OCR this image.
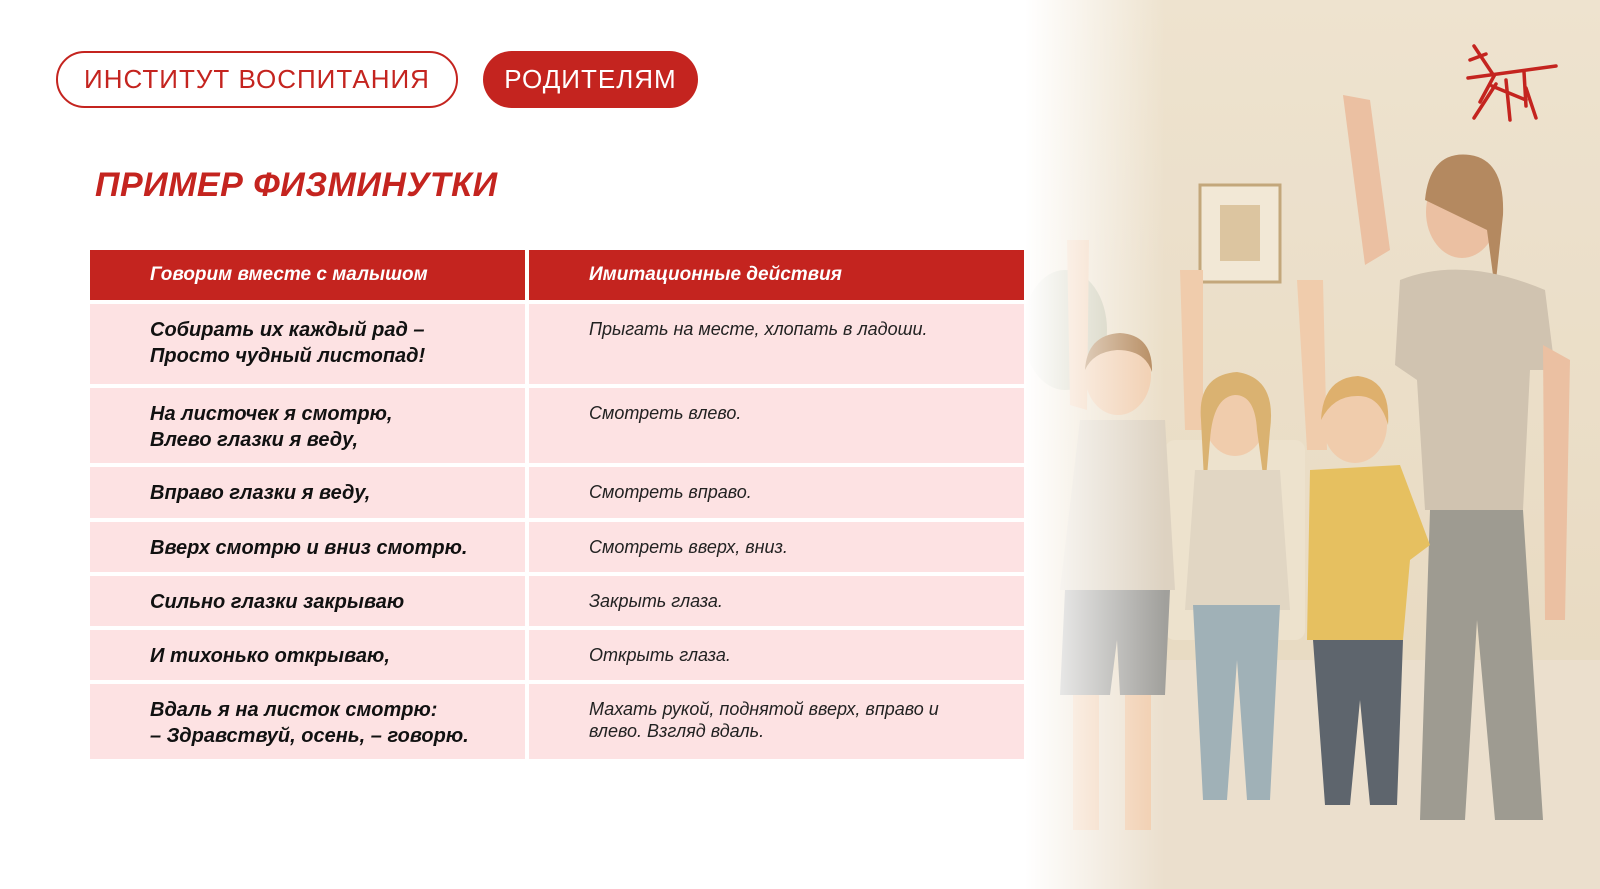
ИНСТИТУТ ВОСПИТАНИЯ	РОДИТЕЛЯМ
ПРИМЕР ФИЗМИНУТКИ
Говорим вместе с малышом	Имитационные действия

Собирать их каждый рад –
Просто чудный листопад!	Прыгать на месте, хлопать в ладоши.

На листочек я смотрю,
Влево глазки я веду,	Смотреть влево.

Вправо глазки я веду,	Смотреть вправо.

Вверх смотрю и вниз смотрю.	Смотреть вверх, вниз.

Сильно глазки закрываю	Закрыть глаза.

И тихонько открываю,	Открыть глаза.

Вдаль я на листок смотрю:
– Здравствуй, осень, – говорю.	Махать рукой, поднятой вверх, вправо и влево. Взгляд вдаль.
